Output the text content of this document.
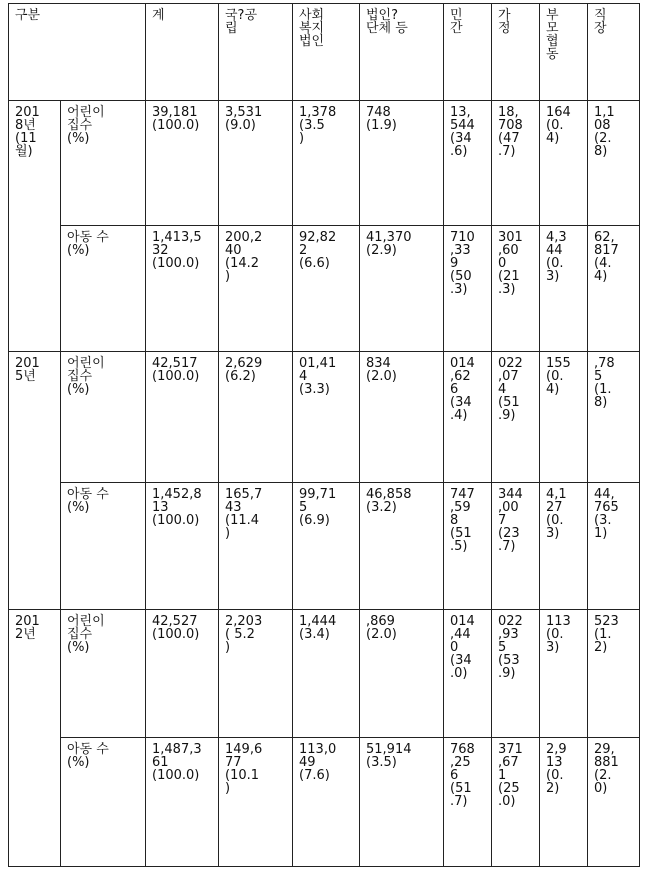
구분		계	국?공
립	사회
복지
법인	법인?
단체 등	민
간	가
정	부
모
협
동	직
장

201
8년
(11
월)	어린이
집수
(%)	39,181
(100.0)	3,531
(9.0)	1,378
(3.5
)	748
(1.9)	13,
544
(34
.6)	18,
708
(47
.7)	164
(0.
4)	1,1
08
(2.
8)

	아동 수
(%)	1,413,5
32
(100.0)	200,2
40
(14.2
)	92,82
2
(6.6)	41,370
(2.9)	710
,33
9
(50
.3)	301
,60
0
(21
.3)	4,3
44
(0.
3)	62,
817
(4.
4)

201
5년	어린이
집수
(%)	42,517
(100.0)	2,629
(6.2)	01,41
4
(3.3)	834
(2.0)	014
,62
6
(34
.4)	022
,07
4
(51
.9)	155
(0.
4)	,78
5
(1.
8)

	아동 수
(%)	1,452,8
13
(100.0)	165,7
43
(11.4
)	99,71
5
(6.9)	46,858
(3.2)	747
,59
8
(51
.5)	344
,00
7
(23
.7)	4,1
27
(0.
3)	44,
765
(3.
1)

201
2년	어린이
집수
(%)	42,527
(100.0)	2,203
( 5.2
)	1,444
(3.4)	,869
(2.0)	014
,44
0
(34
.0)	022
,93
5
(53
.9)	113
(0.
3)	523
(1.
2)

	아동 수
(%)	1,487,3
61
(100.0)	149,6
77
(10.1
)	113,0
49
(7.6)	51,914
(3.5)	768
,25
6
(51
.7)	371
,67
1
(25
.0)	2,9
13
(0.
2)	29,
881
(2.
0)
